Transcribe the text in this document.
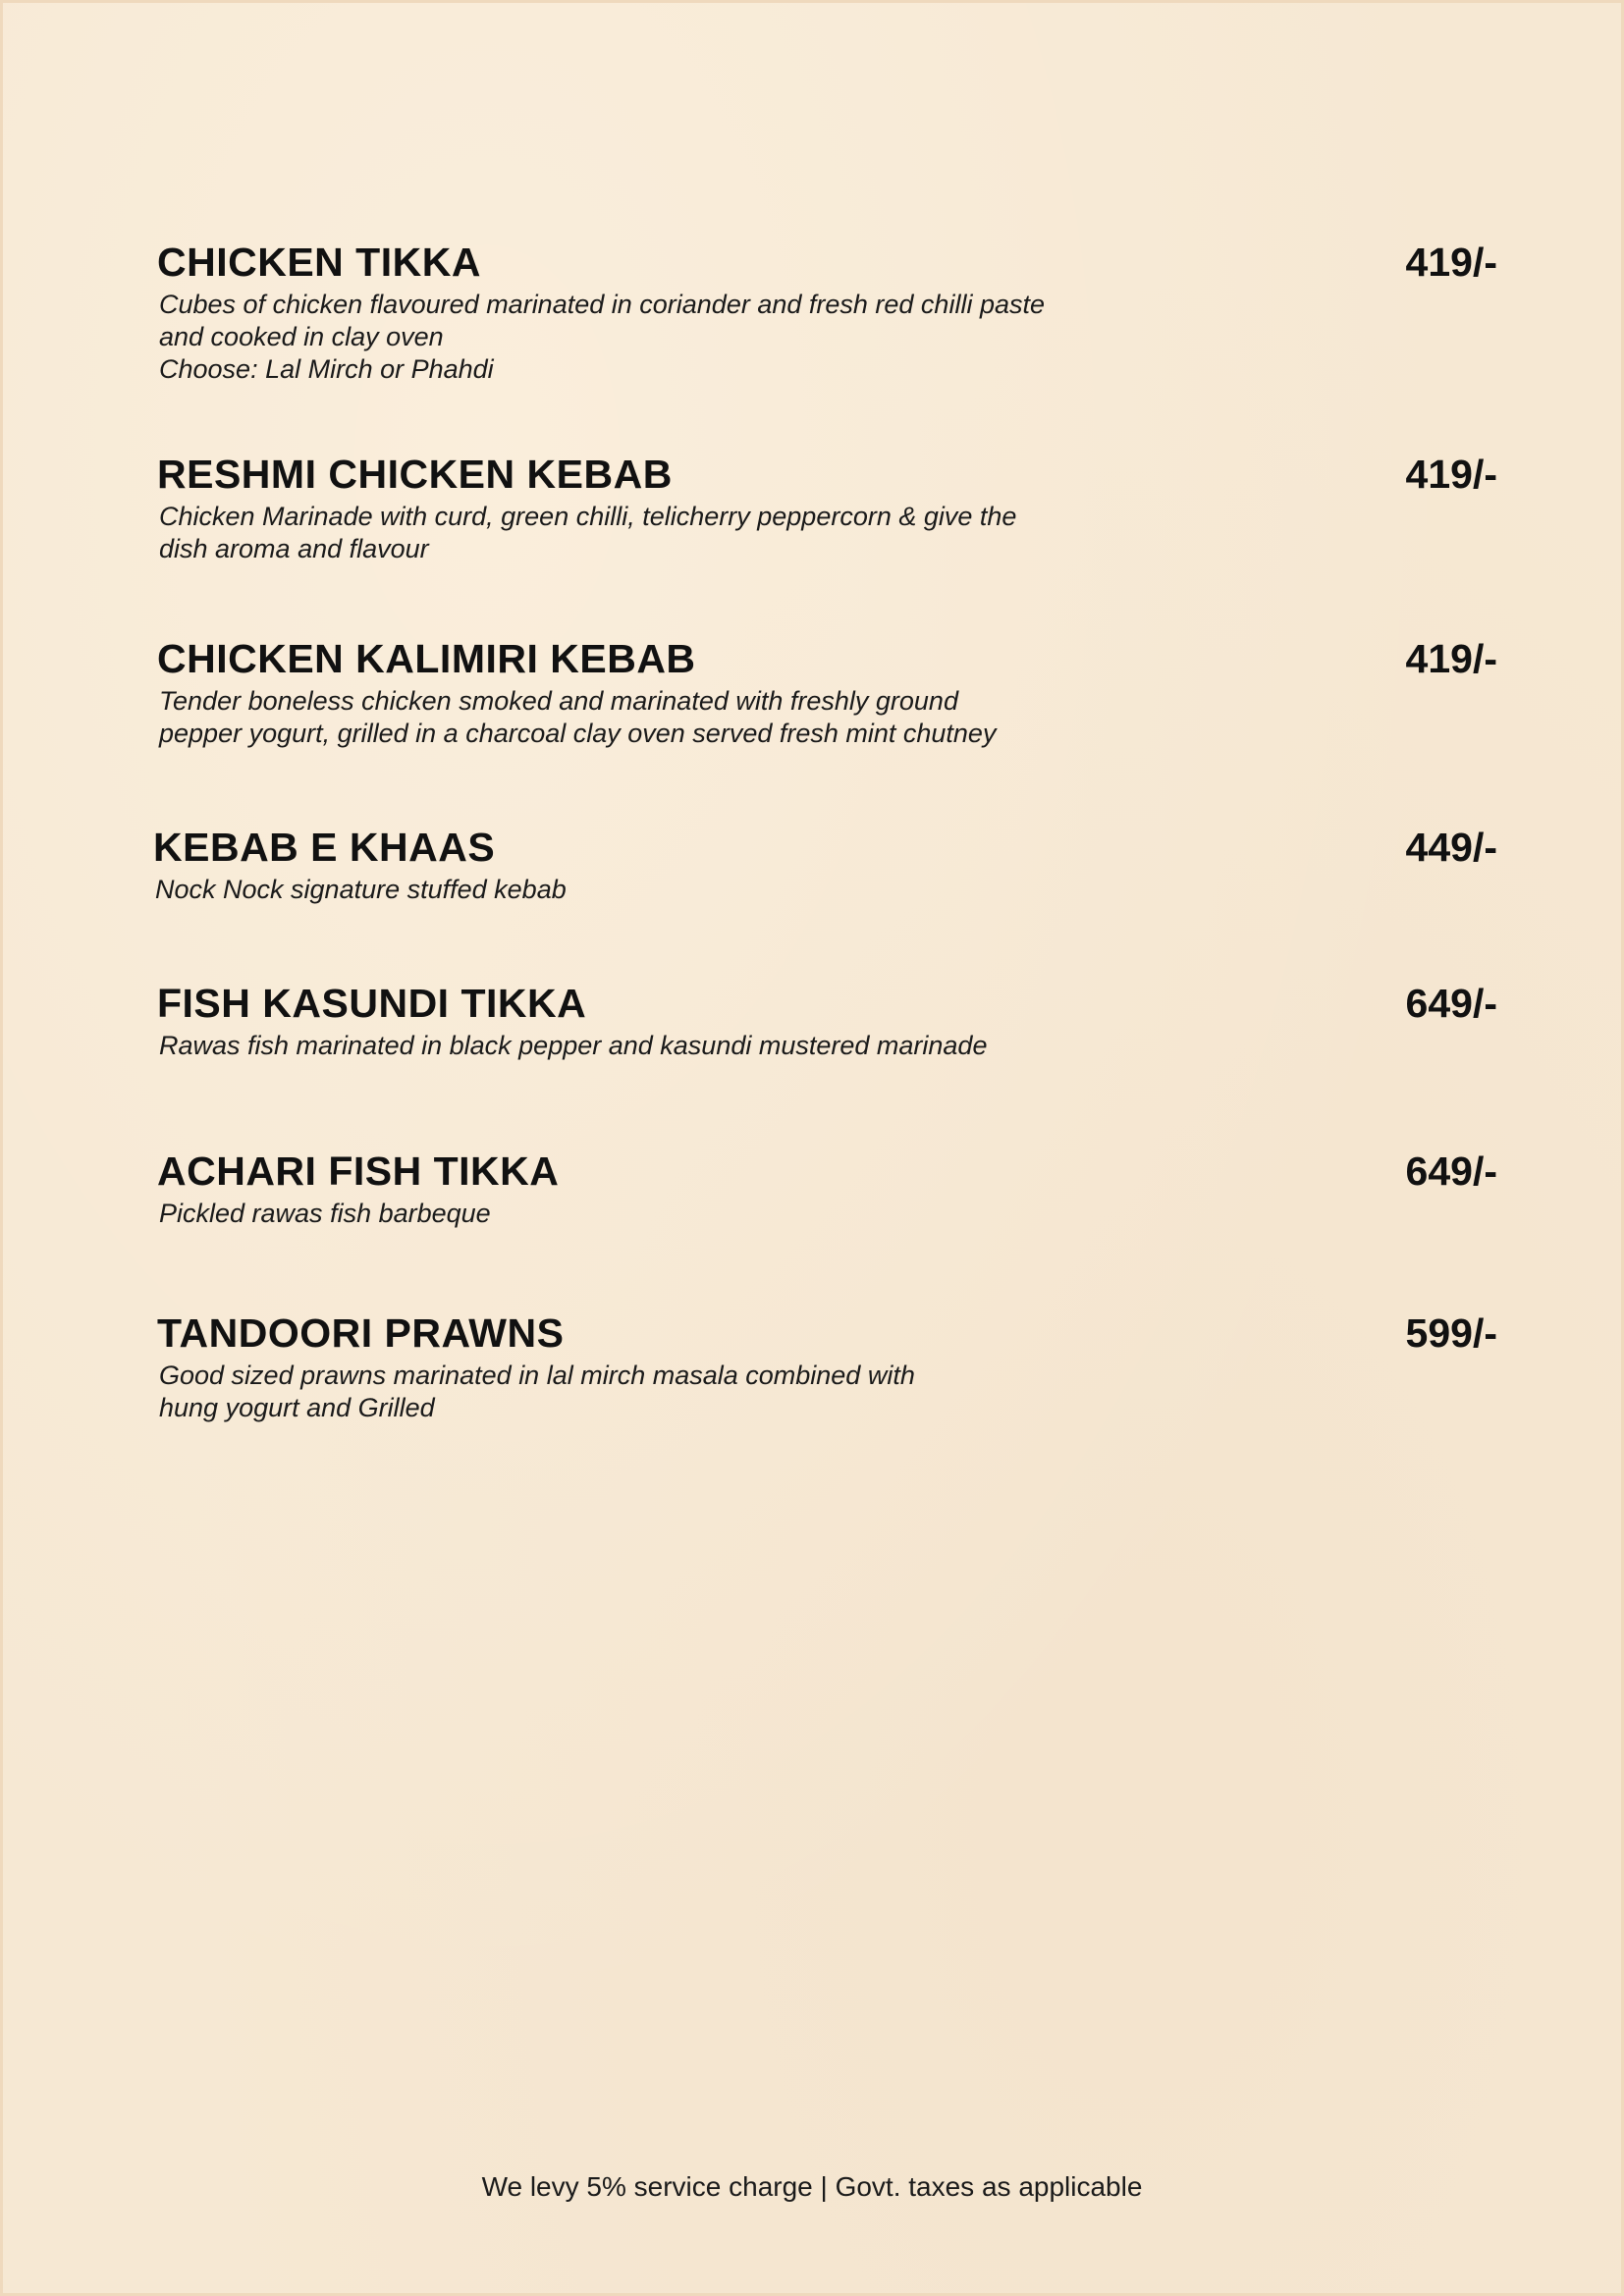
CHICKEN TIKKA	419/-
Cubes of chicken flavoured marinated in coriander and fresh red chilli paste
and cooked in clay oven
Choose: Lal Mirch or Phahdi
RESHMI CHICKEN KEBAB	419/-
Chicken Marinade with curd, green chilli, telicherry peppercorn & give the
dish aroma and flavour
CHICKEN KALIMIRI KEBAB	419/-
Tender boneless chicken smoked and marinated with freshly ground
pepper yogurt, grilled in a charcoal clay oven served fresh mint chutney
KEBAB E KHAAS	449/-
Nock Nock signature stuffed kebab
FISH KASUNDI TIKKA	649/-
Rawas fish marinated in black pepper and kasundi mustered marinade
ACHARI FISH TIKKA	649/-
Pickled rawas fish barbeque
TANDOORI PRAWNS	599/-
Good sized prawns marinated in lal mirch masala combined with
hung yogurt and Grilled
We levy 5% service charge | Govt. taxes as applicable
